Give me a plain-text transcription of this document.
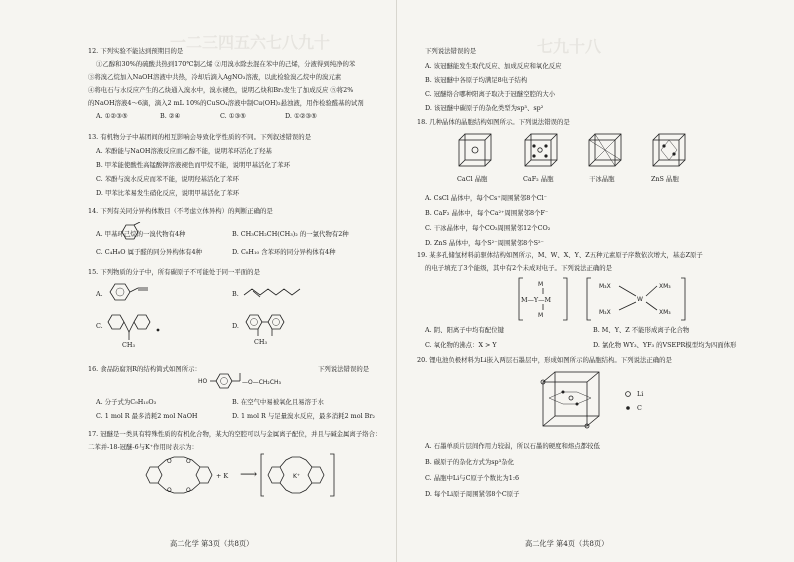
一二三四五六七八九十
12. 下列实验不能达到预期目的是
①乙醇和30%的硫酸共热到170℃制乙烯 ②用溴水除去混在苯中的己烯，分液得到纯净的苯
③将溴乙烷加入NaOH溶液中共热，冷却后滴入AgNO₃溶液，以此检验溴乙烷中的溴元素
④将电石与水反应产生的乙炔通入溴水中，溴水褪色，说明乙炔和Br₂发生了加成反应 ⑤将2%
的NaOH溶液4～6滴，滴入2 mL 10%的CuSO₄溶液中制Cu(OH)₂悬浊液，用作检验醛基的试剂
A. ①②③⑤	B. ②④	C. ①③⑤	D. ①②③⑤
13. 有机物分子中基团间的相互影响会导致化学性质的不同。下列叙述错误的是
A. 苯酚能与NaOH溶液反应而乙醇不能，说明苯环活化了羟基
B. 甲苯能使酸性高锰酸钾溶液褪色而甲烷不能，说明甲基活化了苯环
C. 苯酚与溴水反应而苯不能，说明羟基活化了苯环
D. 甲苯比苯易发生硝化反应，说明甲基活化了苯环
14. 下列有关同分异构体数目（不考虑立体异构）的判断正确的是
A. 甲基环己烷的一溴代物有4种	B. CH₃CH₂CH(CH₃)₂ 的一氯代物有2种
C. C₄H₈O 属于醛的同分异构体有4种	D. C₈H₁₀ 含苯环的同分异构体有4种
15. 下列物质的分子中，所有碳原子不可能处于同一平面的是
A.	B.
C.
CH₃
D.
CH₃
16. 食品防腐剂R的结构简式如图所示：
HO	—O—CH₂CH₃
下列说法错误的是
A. 分子式为C₉H₁₀O₃	B. 在空气中易被氧化且易溶于水
C. 1 mol R 最多消耗2 mol NaOH	D. 1 mol R 与足量溴水反应，最多消耗2 mol Br₂
17. 冠醚是一类具有特殊性质的有机化合物，某大的空腔可以与金属离子配位，并且与碱金属离子络合：
二苯并-18-冠醚-6与K⁺作用时表示为：
O O
O O
+ K ⟶	K⁺
高二化学 第3页（共8页）
七九十八
下列说法错误的是
A. 该冠醚能发生取代反应、加成反应和氧化反应
B. 该冠醚中各原子均满足8电子结构
C. 冠醚络合哪种阳离子取决于冠醚空腔的大小
D. 该冠醚中碳原子的杂化类型为sp³、sp²
18. 几种晶体的晶胞结构如图所示。下列说法错误的是
CaCl 晶胞	CaF₂ 晶胞	干冰晶胞	ZnS 晶胞
A. CsCl 晶体中，每个Cs⁺周围紧邻8个Cl⁻
B. CaF₂ 晶体中，每个Ca²⁺周围紧邻8个F⁻
C. 干冰晶体中，每个CO₂周围紧邻12个CO₂
D. ZnS 晶体中，每个S²⁻周围紧邻8个S²⁻
19. 某多孔储氢材料前驱体结构如图所示，M、W、X、Y、Z五种元素原子序数依次增大，基态Z原子
的电子填充了3个能级，其中有2个未成对电子。下列说法正确的是
M
M
M₃X	XM₃
M₃X	XM₃
W
M—Y—M
A. 阴、阳离子中均有配位键	B. M、Y、Z 不能形成离子化合物
C. 氧化物的沸点：X > Y	D. 氯化物 WY₃、YF₃ 的VSEPR模型均为四面体形
20. 锂电池负极材料为Li嵌入两层石墨层中，形成如图所示的晶胞结构。下列说法正确的是
Li
C
A. 石墨单质片层间作用力较弱，所以石墨的硬度和熔点都较低
B. 碳原子的杂化方式为sp³杂化
C. 晶胞中Li与C原子个数比为1:6
D. 每个Li原子周围紧邻8个C原子
高二化学 第4页（共8页）
